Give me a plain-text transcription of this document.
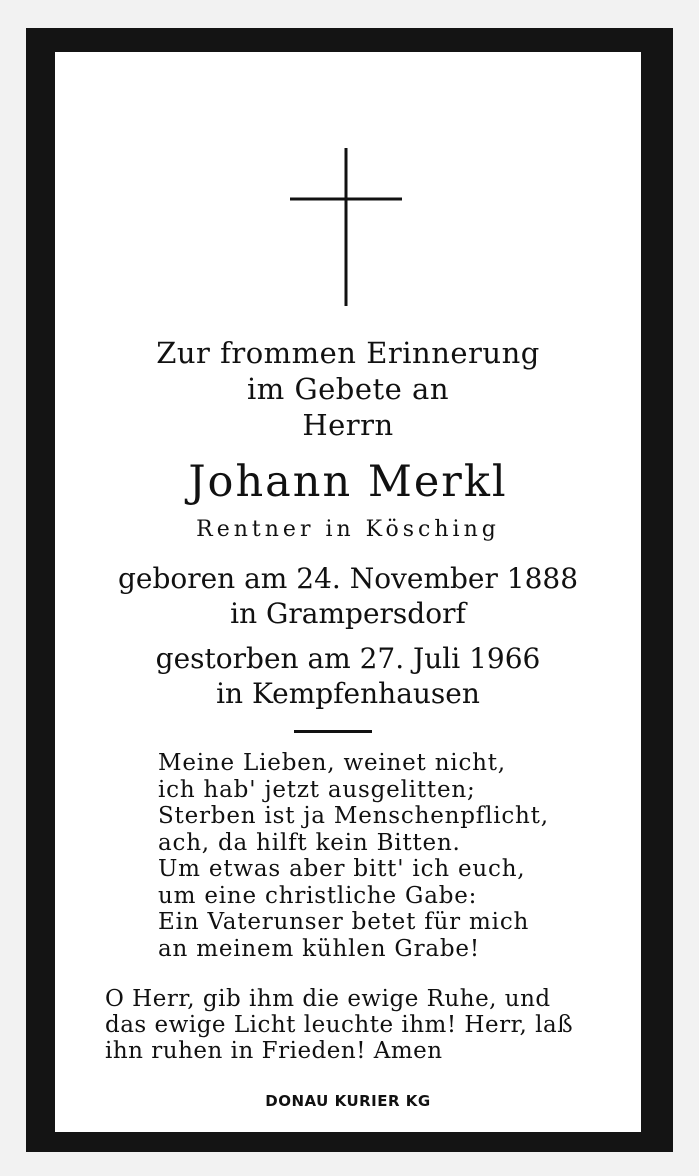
Zur frommen Erinnerung
im Gebete an
Herrn
Johann Merkl
Rentner in Kösching
geboren am 24. November 1888
in Grampersdorf
gestorben am 27. Juli 1966
in Kempfenhausen
Meine Lieben, weinet nicht,
ich hab' jetzt ausgelitten;
Sterben ist ja Menschenpflicht,
ach, da hilft kein Bitten.
Um etwas aber bitt' ich euch,
um eine christliche Gabe:
Ein Vaterunser betet für mich
an meinem kühlen Grabe!
O Herr, gib ihm die ewige Ruhe, und
das ewige Licht leuchte ihm! Herr, laß
ihn ruhen in Frieden! Amen
DONAU KURIER KG
